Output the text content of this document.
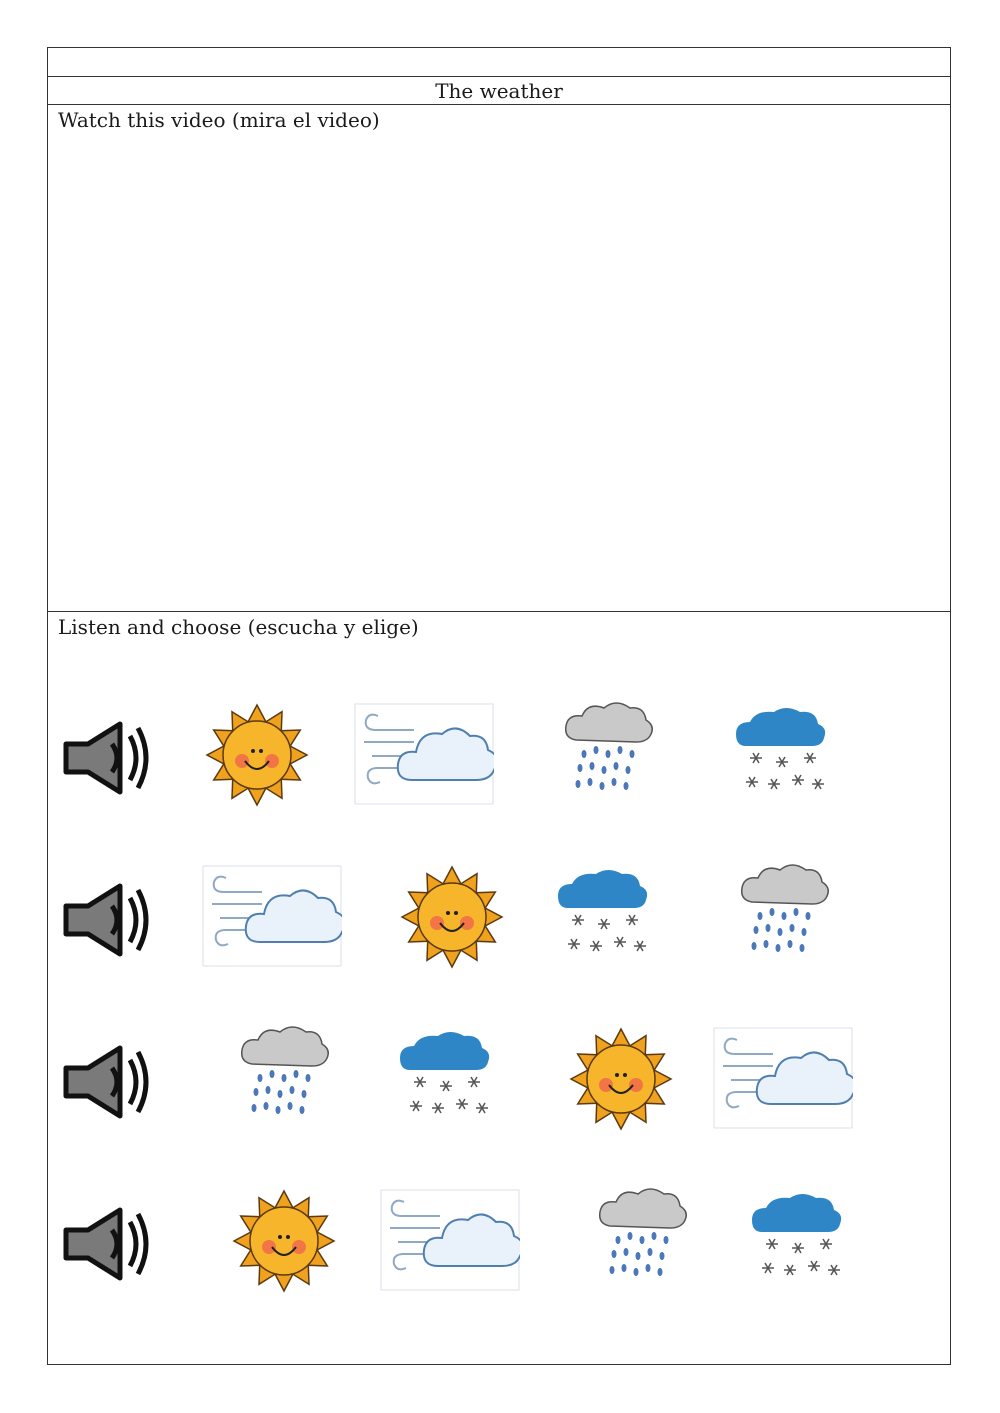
The weather
Watch this video (mira el video)
Listen and choose (escucha y elige)
